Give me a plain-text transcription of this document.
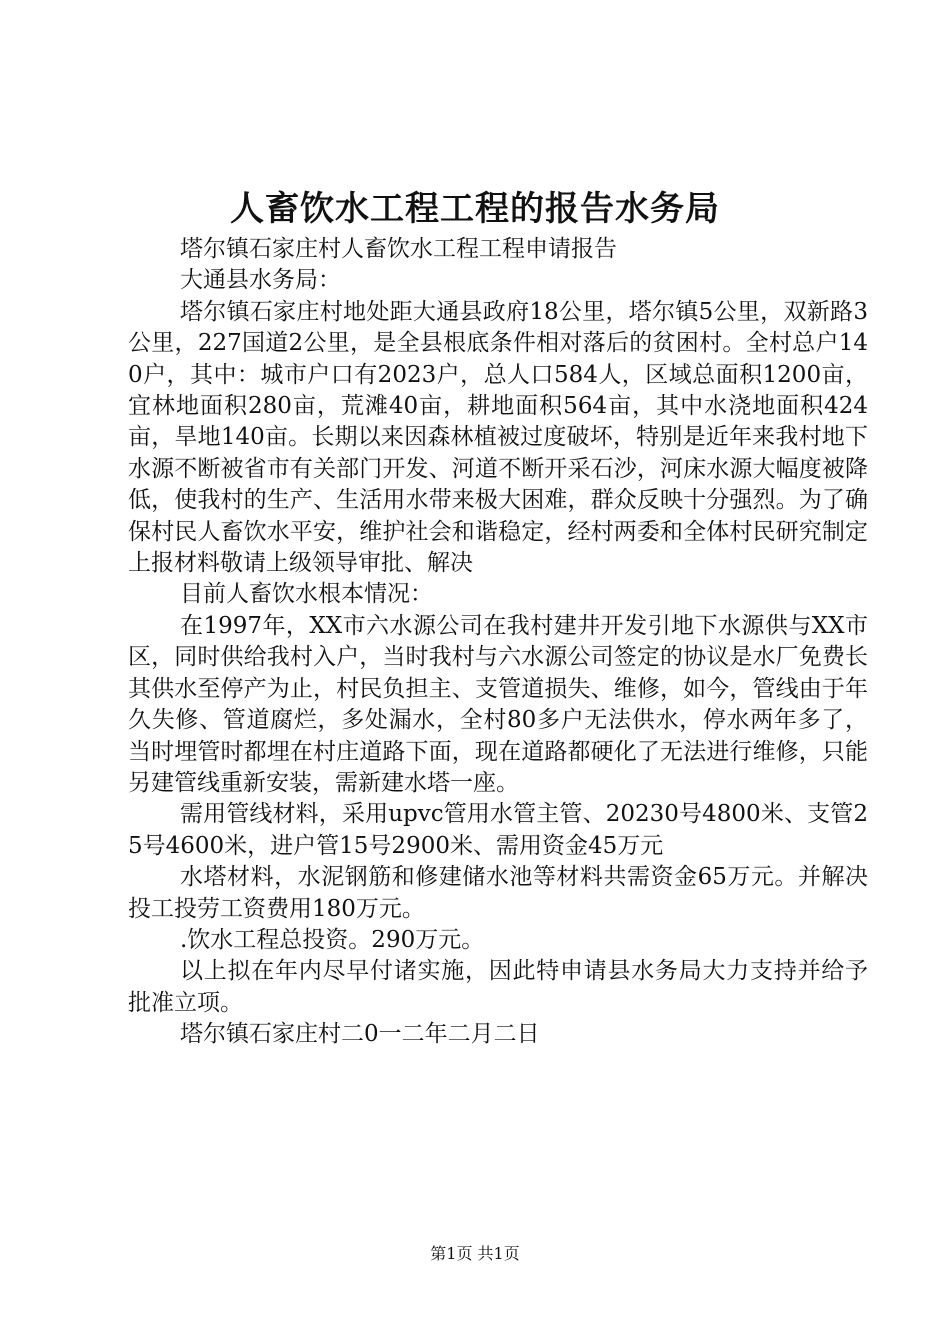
人畜饮水工程工程的报告水务局

塔尔镇石家庄村人畜饮水工程工程申请报告

大通县水务局：

塔尔镇石家庄村地处距大通县政府18公里，塔尔镇5公里，双新路3公里，227国道2公里，是全县根底条件相对落后的贫困村。全村总户140户，其中：城市户口有2023户，总人口584人，区域总面积1200亩，宜林地面积280亩，荒滩40亩，耕地面积564亩，其中水浇地面积424亩，旱地140亩。长期以来因森林植被过度破坏，特别是近年来我村地下水源不断被省市有关部门开发、河道不断开采石沙，河床水源大幅度被降低，使我村的生产、生活用水带来极大困难，群众反映十分强烈。为了确保村民人畜饮水平安，维护社会和谐稳定，经村两委和全体村民研究制定上报材料敬请上级领导审批、解决

目前人畜饮水根本情况：

在1997年，XX市六水源公司在我村建井开发引地下水源供与XX市区，同时供给我村入户，当时我村与六水源公司签定的协议是水厂免费长其供水至停产为止，村民负担主、支管道损失、维修，如今，管线由于年久失修、管道腐烂，多处漏水，全村80多户无法供水，停水两年多了，当时埋管时都埋在村庄道路下面，现在道路都硬化了无法进行维修，只能另建管线重新安装，需新建水塔一座。

需用管线材料，采用upvc管用水管主管、20230号4800米、支管25号4600米，进户管15号2900米、需用资金45万元

水塔材料，水泥钢筋和修建储水池等材料共需资金65万元。并解决投工投劳工资费用180万元。

.饮水工程总投资。290万元。

以上拟在年内尽早付诸实施，因此特申请县水务局大力支持并给予批准立项。

塔尔镇石家庄村二0一二年二月二日

第1页 共1页
